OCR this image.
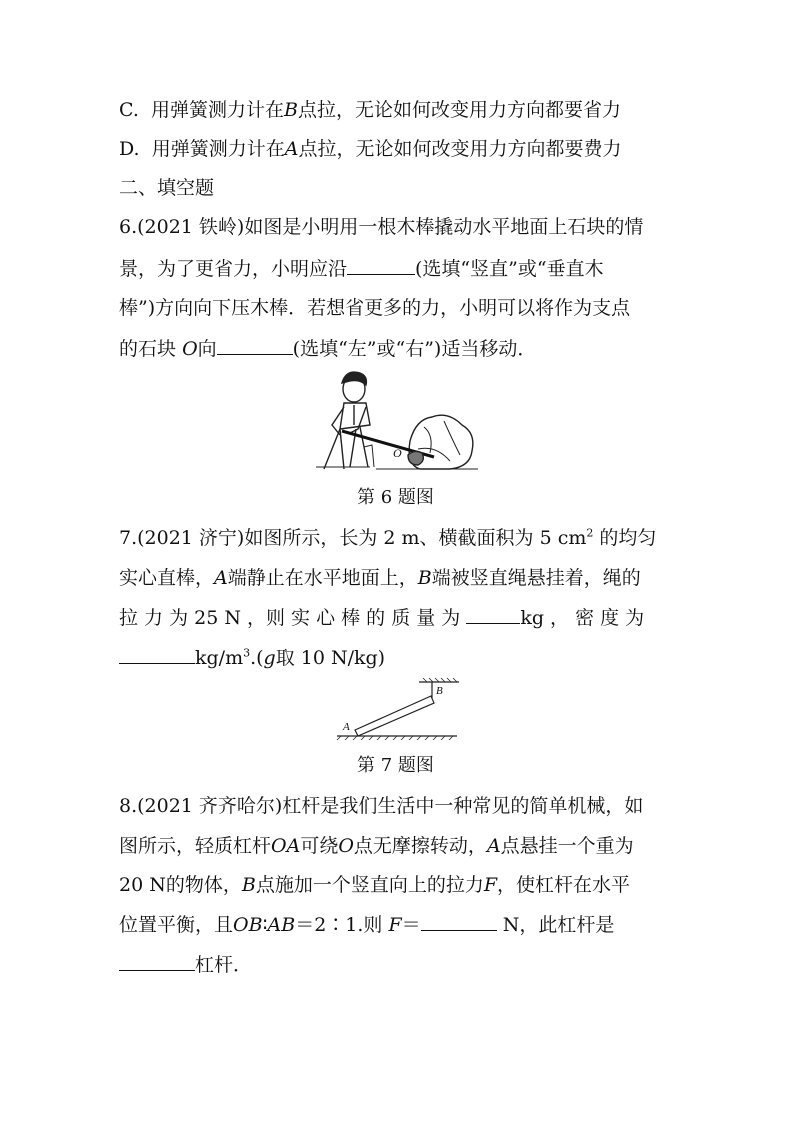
C. 用弹簧测力计在B点拉，无论如何改变用力方向都要省力
D. 用弹簧测力计在A点拉，无论如何改变用力方向都要费力
二、填空题
6.(2021 铁岭)如图是小明用一根木棒撬动水平地面上石块的情
景，为了更省力，小明应沿	(选填“竖直”或“垂直木
棒”)方向向下压木棒．若想省更多的力，小明可以将作为支点
的石块 O向	(选填“左”或“右”)适当移动．
O
第 6 题图
7.(2021 济宁)如图所示，长为 2 m、横截面积为 5 $cm^2$ 的均匀
实心直棒，A端静止在水平地面上，B端被竖直绳悬挂着，绳的
拉 力 为 25 N ，则 实 心 棒 的 质 量 为	kg ， 密 度 为
$kg/m^3.(g$取 10 N/kg)
A
B
第 7 题图
8.(2021 齐齐哈尔)杠杆是我们生活中一种常见的简单机械，如
图所示，轻质杠杆OA可绕O点无摩擦转动，A点悬挂一个重为
20 N的物体，B点施加一个竖直向上的拉力F，使杠杆在水平
位置平衡，且OB∶AB＝2∶1.则 F＝	N，此杠杆是
杠杆．
